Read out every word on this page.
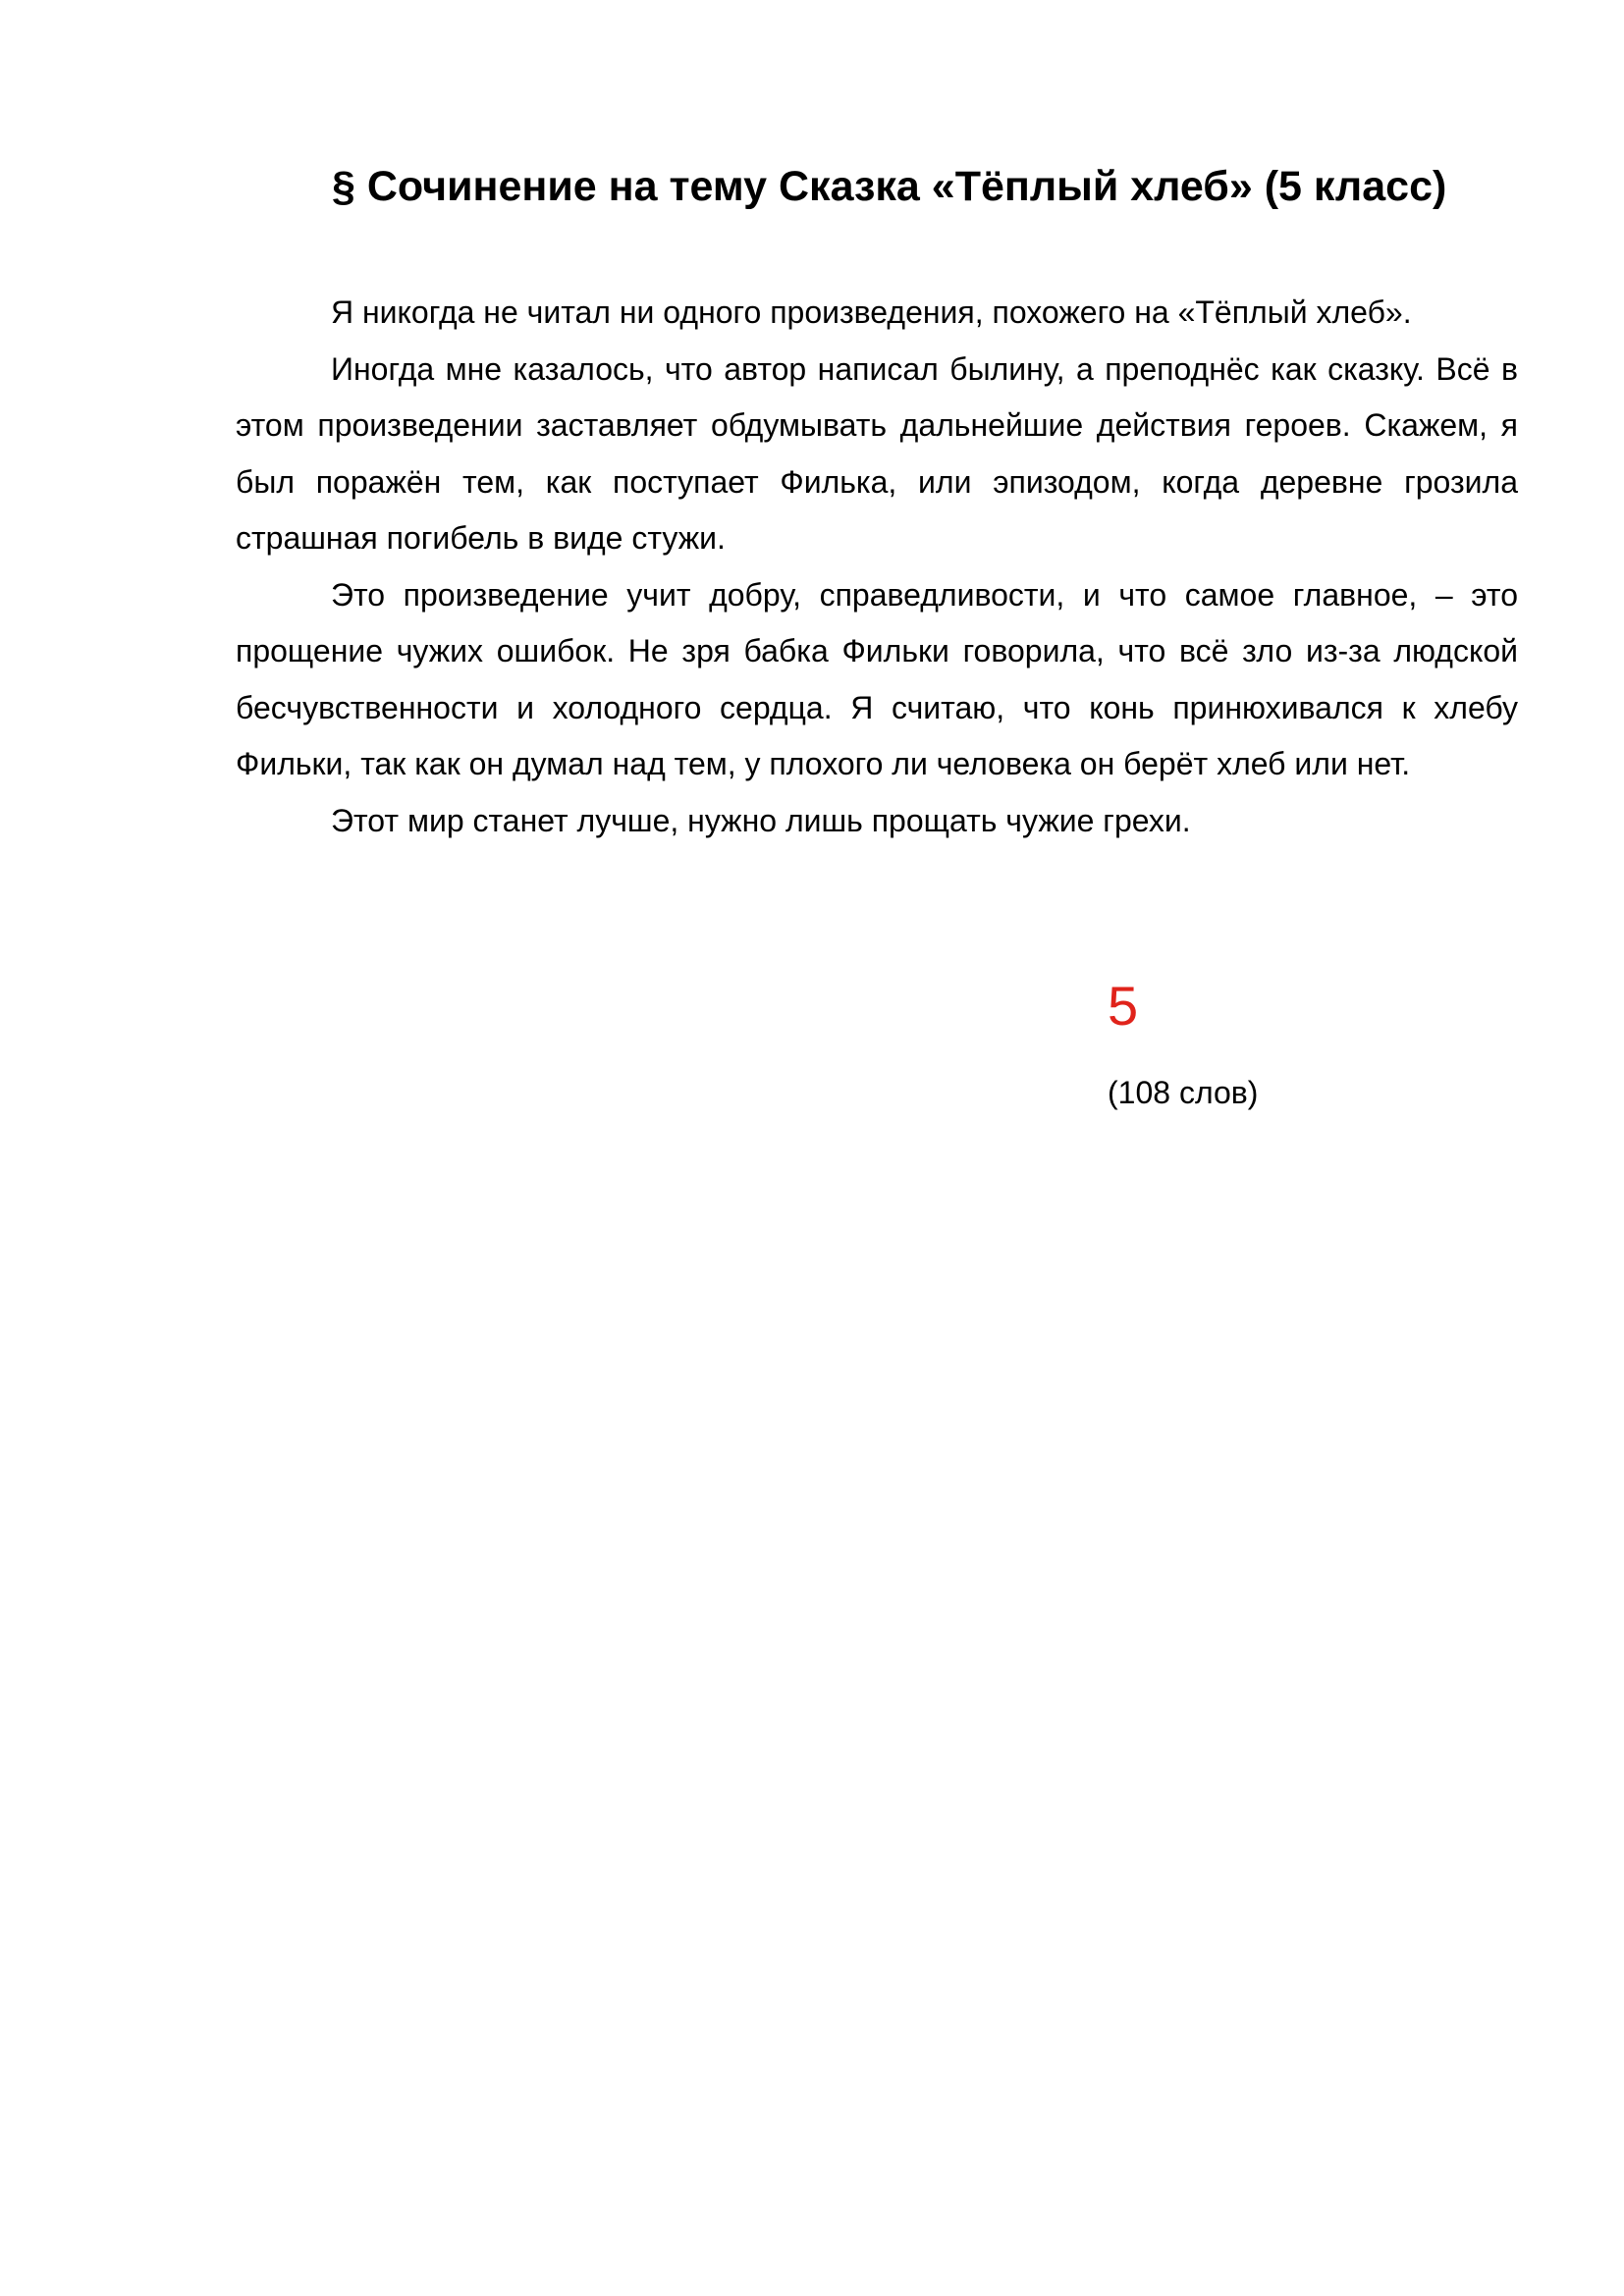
§ Сочинение на тему Сказка «Тёплый хлеб» (5 класс)

Я никогда не читал ни одного произведения, похожего на «Тёплый хлеб».

Иногда мне казалось, что автор написал былину, а преподнёс как сказку. Всё в этом произведении заставляет обдумывать дальнейшие действия героев. Скажем, я был поражён тем, как поступает Филька, или эпизодом, когда деревне грозила страшная погибель в виде стужи.

Это произведение учит добру, справедливости, и что самое главное, – это прощение чужих ошибок. Не зря бабка Фильки говорила, что всё зло из-за людской бесчувственности и холодного сердца. Я считаю, что конь принюхивался к хлебу Фильки, так как он думал над тем, у плохого ли человека он берёт хлеб или нет.

Этот мир станет лучше, нужно лишь прощать чужие грехи.

5
(108 слов)
